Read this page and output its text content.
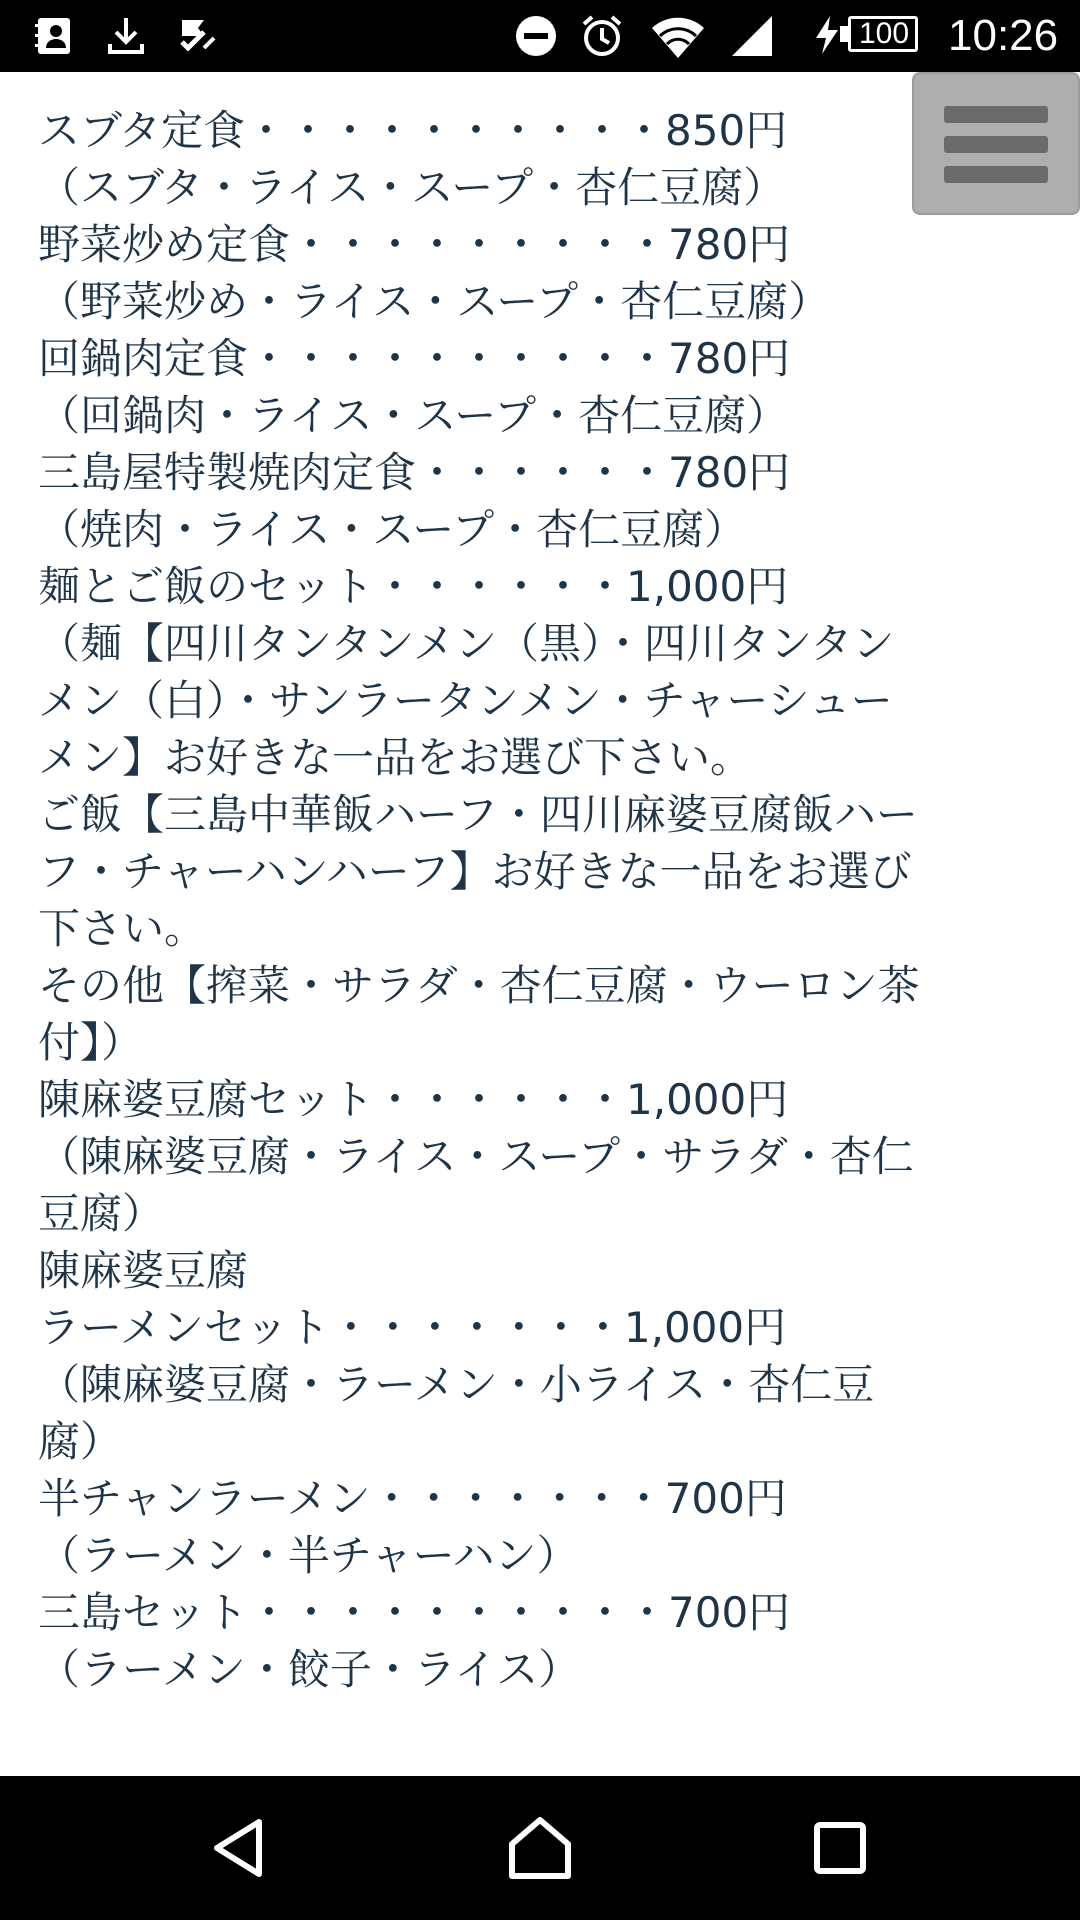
100 10:26
スブタ定食・・・・・・・・・・850円
（スブタ・ライス・スープ・杏仁豆腐）
野菜炒め定食・・・・・・・・・780円
（野菜炒め・ライス・スープ・杏仁豆腐）
回鍋肉定食・・・・・・・・・・780円
（回鍋肉・ライス・スープ・杏仁豆腐）
三島屋特製焼肉定食・・・・・・780円
（焼肉・ライス・スープ・杏仁豆腐）
麺とご飯のセット・・・・・・1,000円
（麺【四川タンタンメン（黒）・四川タンタン
メン（白）・サンラータンメン・チャーシュー
メン】お好きな一品をお選び下さい。
ご飯【三島中華飯ハーフ・四川麻婆豆腐飯ハー
フ・チャーハンハーフ】お好きな一品をお選び
下さい。
その他【搾菜・サラダ・杏仁豆腐・ウーロン茶
付】）
陳麻婆豆腐セット・・・・・・1,000円
（陳麻婆豆腐・ライス・スープ・サラダ・杏仁
豆腐）
陳麻婆豆腐
ラーメンセット・・・・・・・1,000円
（陳麻婆豆腐・ラーメン・小ライス・杏仁豆
腐）
半チャンラーメン・・・・・・・700円
（ラーメン・半チャーハン）
三島セット・・・・・・・・・・700円
（ラーメン・餃子・ライス）
